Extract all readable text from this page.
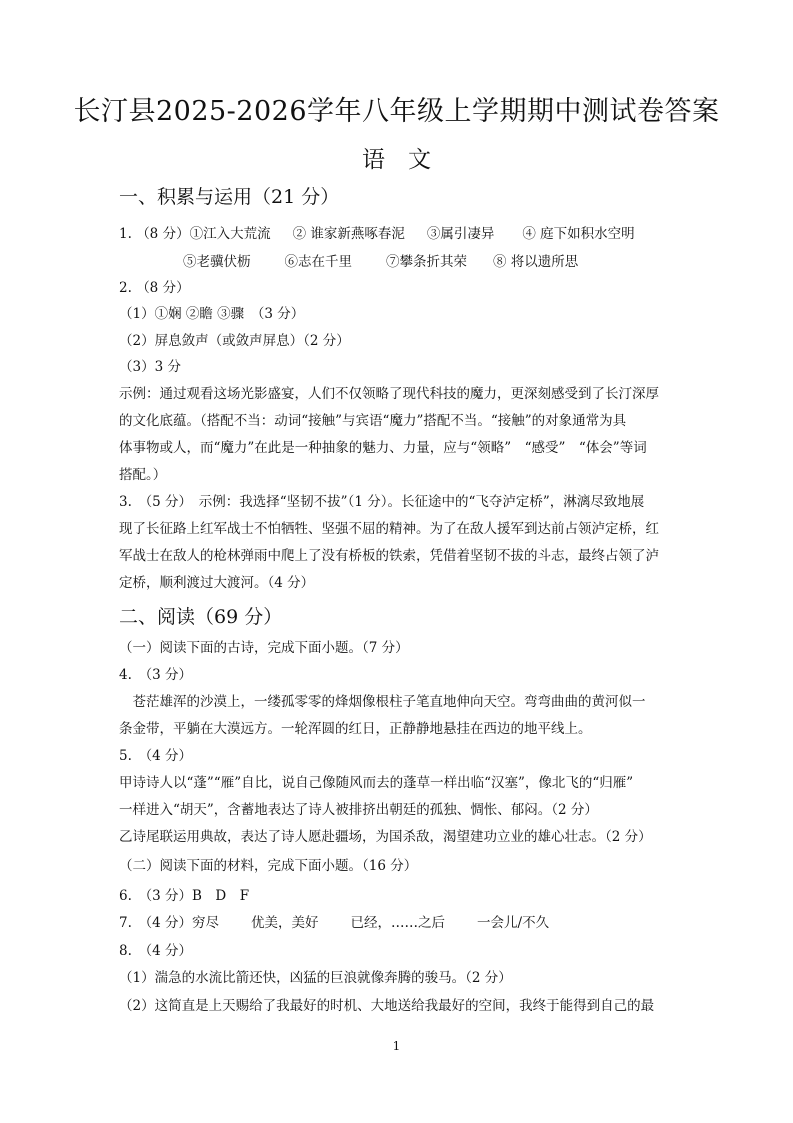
长汀县2025-2026学年八年级上学期期中测试卷答案
语　文
一、积累与运用（21 分）
1. （8 分）①江入大荒流 ② 谁家新燕啄春泥 ③属引凄异 ④ 庭下如积水空明
⑤老骥伏枥	⑥志在千里	⑦攀条折其荣 ⑧ 将以遗所思
2. （8 分）
（1）①娴 ②瞻 ③骤　（3 分）
（2）屏息敛声（或敛声屏息）（2 分）
（3）3 分
示例：通过观看这场光影盛宴，人们不仅领略了现代科技的魔力，更深刻感受到了长汀深厚
的文化底蕴。（搭配不当：动词“接触”与宾语“魔力”搭配不当。“接触”的对象通常为具
体事物或人，而“魔力”在此是一种抽象的魅力、力量，应与“领略”　“感受”　“体会”等词
搭配。）
3.　（5 分）　示例：我选择“坚韧不拔”（1 分）。长征途中的“飞夺泸定桥”，淋漓尽致地展
现了长征路上红军战士不怕牺牲、坚强不屈的精神。为了在敌人援军到达前占领泸定桥，红
军战士在敌人的枪林弹雨中爬上了没有桥板的铁索，凭借着坚韧不拔的斗志，最终占领了泸
定桥，顺利渡过大渡河。（4 分）
二、阅读（69 分）
（一）阅读下面的古诗，完成下面小题。（7 分）
4.　（3 分）
　苍茫雄浑的沙漠上，一缕孤零零的烽烟像根柱子笔直地伸向天空。弯弯曲曲的黄河似一
条金带，平躺在大漠远方。一轮浑圆的红日，正静静地悬挂在西边的地平线上。
5.　（4 分）
甲诗诗人以“蓬”“雁”自比，说自己像随风而去的蓬草一样出临“汉塞”，像北飞的“归雁”
一样进入“胡天”，含蓄地表达了诗人被排挤出朝廷的孤独、惆怅、郁闷。（2 分）
乙诗尾联运用典故，表达了诗人愿赴疆场，为国杀敌，渴望建功立业的雄心壮志。（2 分）
（二）阅读下面的材料，完成下面小题。（16 分）
6.　（3 分）B　D　F
7.　（4 分）穷尽 优美，美好 已经，……之后 一会儿/不久
8.　（4 分）
（1）湍急的水流比箭还快，凶猛的巨浪就像奔腾的骏马。（2 分）
（2）这简直是上天赐给了我最好的时机、大地送给我最好的空间，我终于能得到自己的最
1
